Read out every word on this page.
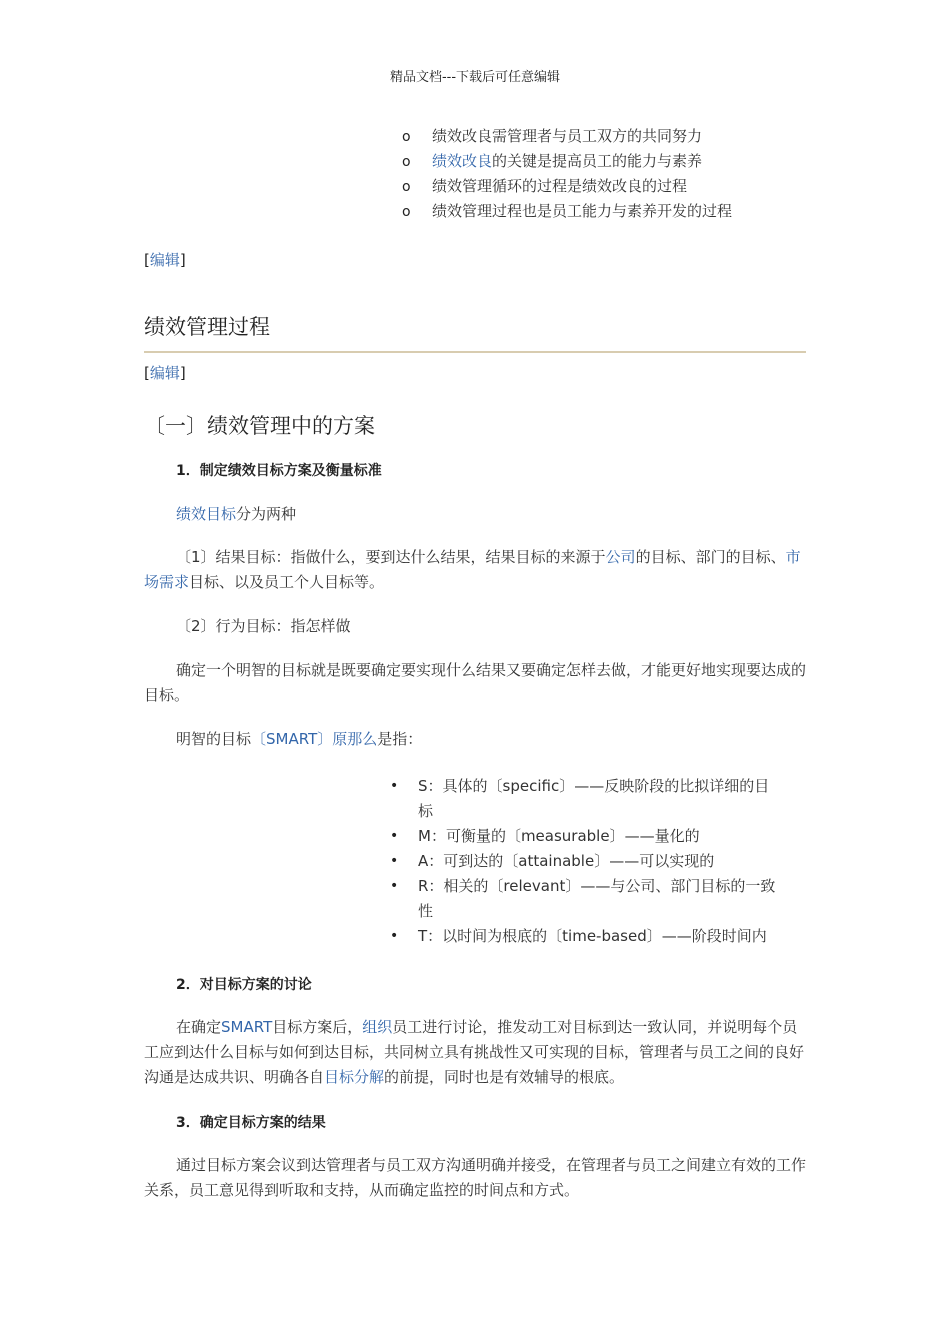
精品文档---下载后可任意编辑
o 绩效改良需管理者与员工双方的共同努力
o 绩效改良的关键是提高员工的能力与素养
o 绩效管理循环的过程是绩效改良的过程
o 绩效管理过程也是员工能力与素养开发的过程
[编辑]
绩效管理过程
[编辑]
〔一〕绩效管理中的方案
1．制定绩效目标方案及衡量标准
绩效目标分为两种
〔1〕结果目标：指做什么，要到达什么结果，结果目标的来源于公司的目标、部门的目标、市场需求目标、以及员工个人目标等。
〔2〕行为目标：指怎样做
确定一个明智的目标就是既要确定要实现什么结果又要确定怎样去做，才能更好地实现要达成的目标。
明智的目标〔SMART〕原那么是指：
• S：具体的〔specific〕——反映阶段的比拟详细的目标
• M：可衡量的〔measurable〕——量化的
• A：可到达的〔attainable〕——可以实现的
• R：相关的〔relevant〕——与公司、部门目标的一致性
• T：以时间为根底的〔time-based〕——阶段时间内
2．对目标方案的讨论
在确定SMART目标方案后，组织员工进行讨论，推发动工对目标到达一致认同，并说明每个员工应到达什么目标与如何到达目标，共同树立具有挑战性又可实现的目标，管理者与员工之间的良好沟通是达成共识、明确各自目标分解的前提，同时也是有效辅导的根底。
3．确定目标方案的结果
通过目标方案会议到达管理者与员工双方沟通明确并接受，在管理者与员工之间建立有效的工作关系，员工意见得到听取和支持，从而确定监控的时间点和方式。
